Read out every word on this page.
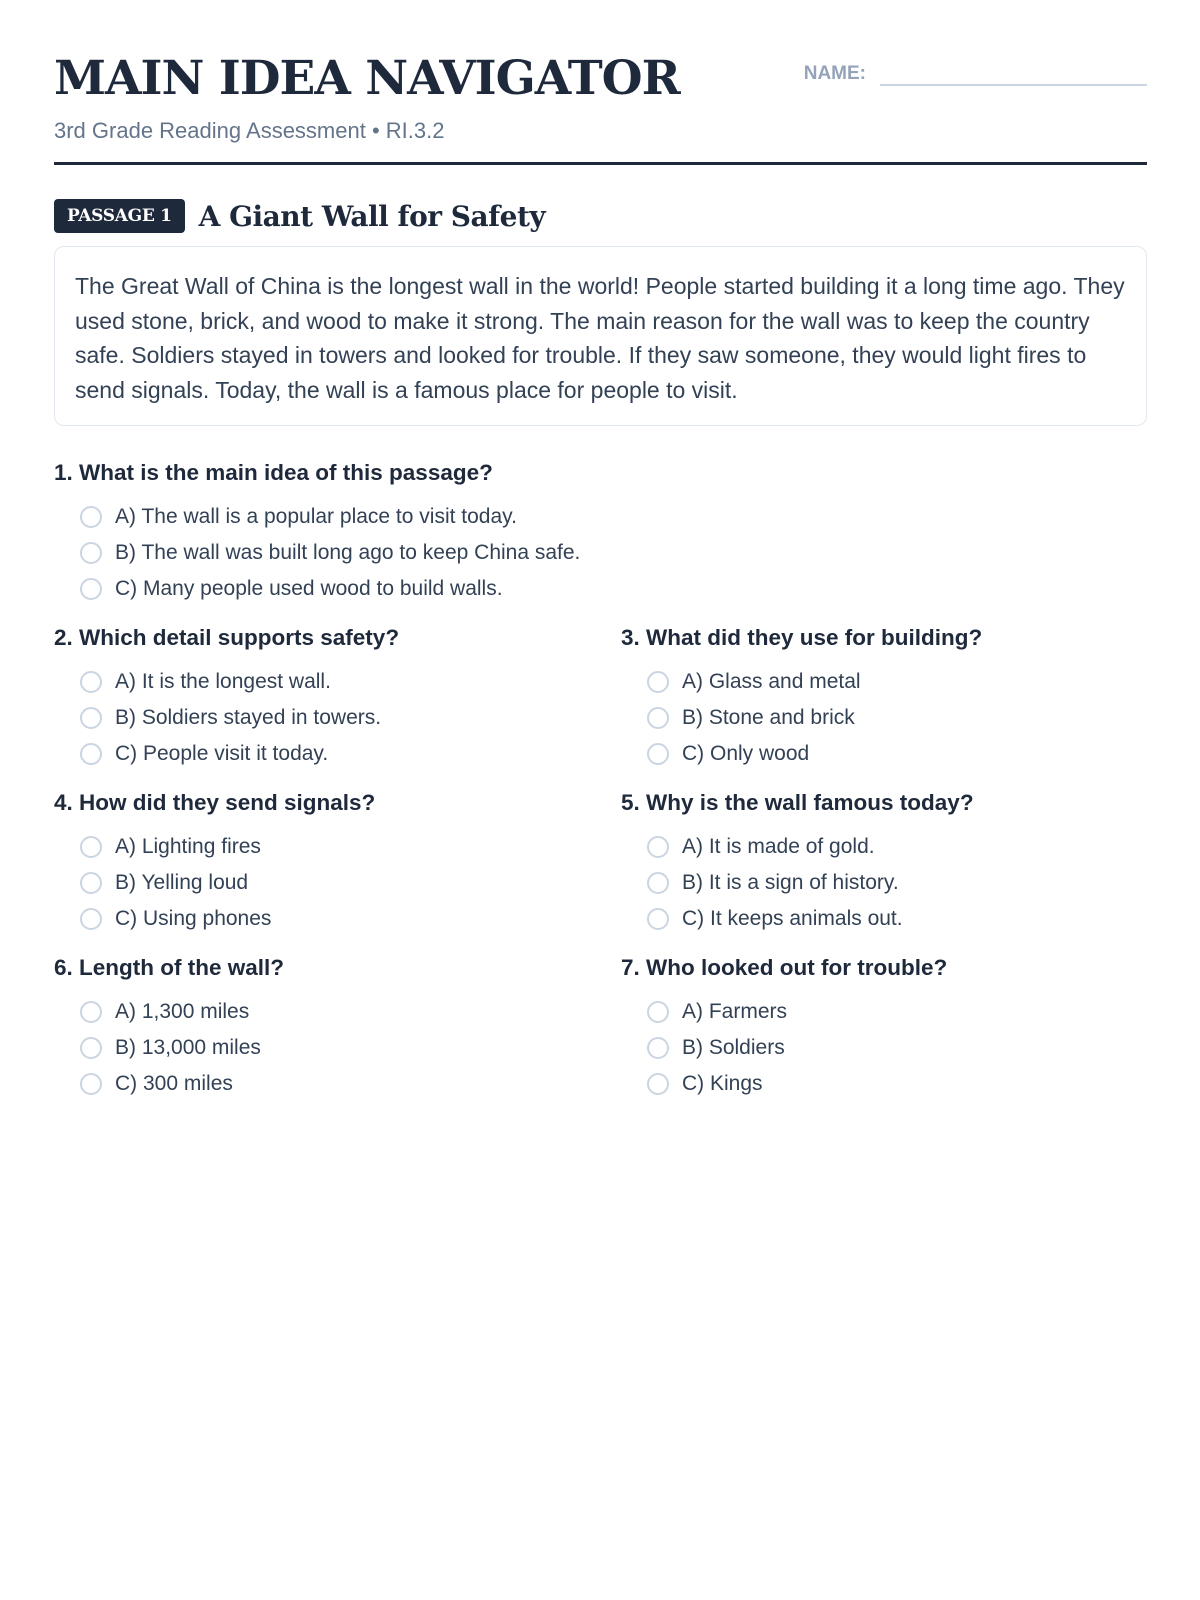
MAIN IDEA NAVIGATOR
3rd Grade Reading Assessment • RI.3.2
NAME:
PASSAGE 1 A Giant Wall for Safety
The Great Wall of China is the longest wall in the world! People started building it a long time ago. They used stone, brick, and wood to make it strong. The main reason for the wall was to keep the country safe. Soldiers stayed in towers and looked for trouble. If they saw someone, they would light fires to send signals. Today, the wall is a famous place for people to visit.

1. What is the main idea of this passage?

A) The wall is a popular place to visit today.
B) The wall was built long ago to keep China safe.
C) Many people used wood to build walls.

2. Which detail supports safety?

A) It is the longest wall.
B) Soldiers stayed in towers.
C) People visit it today.

3. What did they use for building?

A) Glass and metal
B) Stone and brick
C) Only wood

4. How did they send signals?

A) Lighting fires
B) Yelling loud
C) Using phones

5. Why is the wall famous today?

A) It is made of gold.
B) It is a sign of history.
C) It keeps animals out.

6. Length of the wall?

A) 1,300 miles
B) 13,000 miles
C) 300 miles

7. Who looked out for trouble?

A) Farmers
B) Soldiers
C) Kings
